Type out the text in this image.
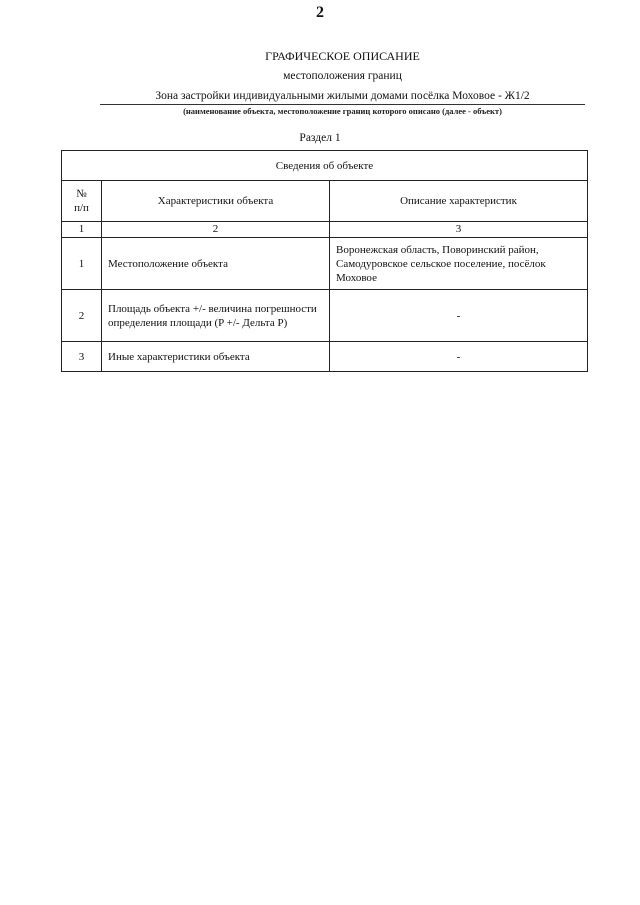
2
ГРАФИЧЕСКОЕ ОПИСАНИЕ
местоположения границ
Зона застройки индивидуальными жилыми домами посёлка Моховое - Ж1/2
(наименование объекта, местоположение границ которого описано (далее - объект)
Раздел 1
Сведения об объекте		
№
п/п	Характеристики объекта	Описание характеристик
1	2	3
1	Местоположение объекта	Воронежская область, Поворинский район, Самодуровское сельское поселение, посёлок Моховое
2	Площадь объекта +/- величина погрешности определения площади (P +/- Дельта P)	-
3	Иные характеристики объекта	-
